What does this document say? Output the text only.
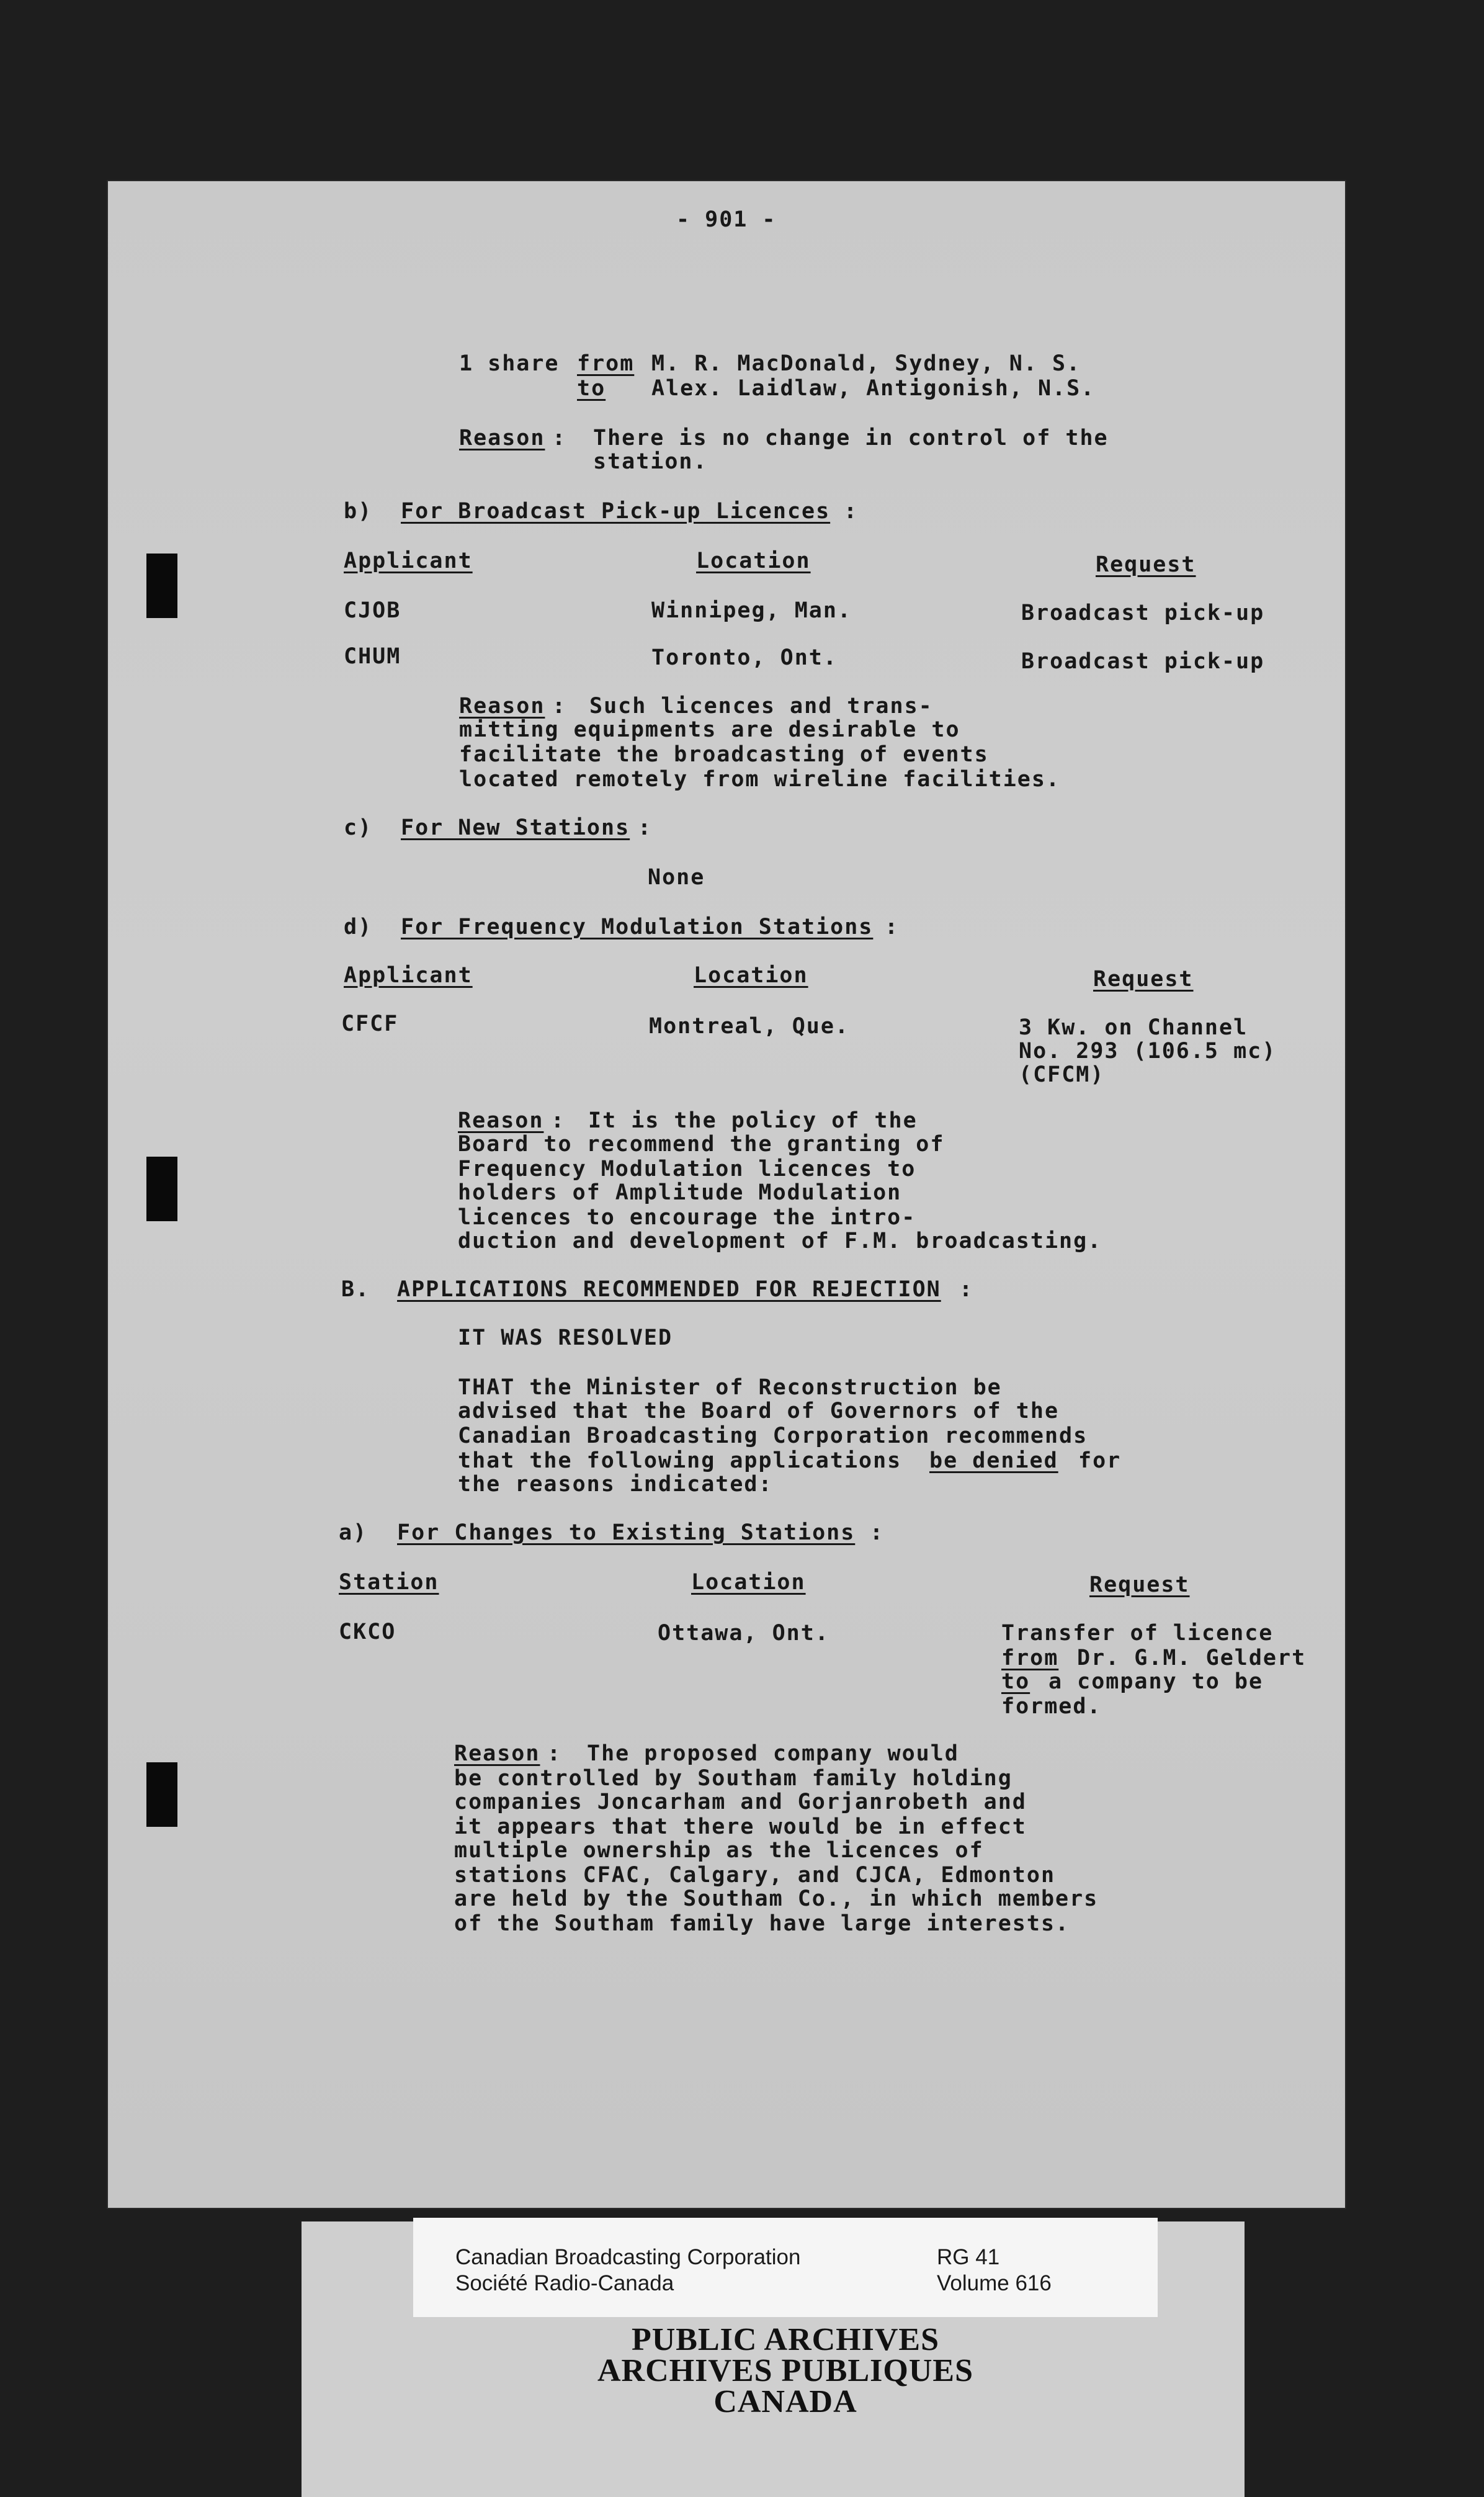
- 901 -
1 share from M. R. MacDonald, Sydney, N. S.
to Alex. Laidlaw, Antigonish, N.S.
Reason : There is no change in control of the
station.
b) For Broadcast Pick-up Licences :
Applicant	Location	Request
CJOB	Winnipeg, Man.	Broadcast pick-up
CHUM	Toronto, Ont.	Broadcast pick-up
Reason : Such licences and trans-
mitting equipments are desirable to
facilitate the broadcasting of events
located remotely from wireline facilities.
c) For New Stations :
None
d) For Frequency Modulation Stations :
Applicant	Location	Request
CFCF	Montreal, Que.	3 Kw. on Channel
No. 293 (106.5 mc)
(CFCM)
Reason : It is the policy of the
Board to recommend the granting of
Frequency Modulation licences to
holders of Amplitude Modulation
licences to encourage the intro-
duction and development of F.M. broadcasting.
B. APPLICATIONS RECOMMENDED FOR REJECTION :
IT WAS RESOLVED
THAT the Minister of Reconstruction be
advised that the Board of Governors of the
Canadian Broadcasting Corporation recommends
that the following applications be denied for
the reasons indicated:
a) For Changes to Existing Stations :
Station	Location	Request
CKCO	Ottawa, Ont.	Transfer of licence
from Dr. G.M. Geldert
to a company to be
formed.
Reason : The proposed company would
be controlled by Southam family holding
companies Joncarham and Gorjanrobeth and
it appears that there would be in effect
multiple ownership as the licences of
stations CFAC, Calgary, and CJCA, Edmonton
are held by the Southam Co., in which members
of the Southam family have large interests.
Canadian Broadcasting Corporation
Société Radio-Canada
RG 41
Volume 616
PUBLIC ARCHIVES
ARCHIVES PUBLIQUES
CANADA
